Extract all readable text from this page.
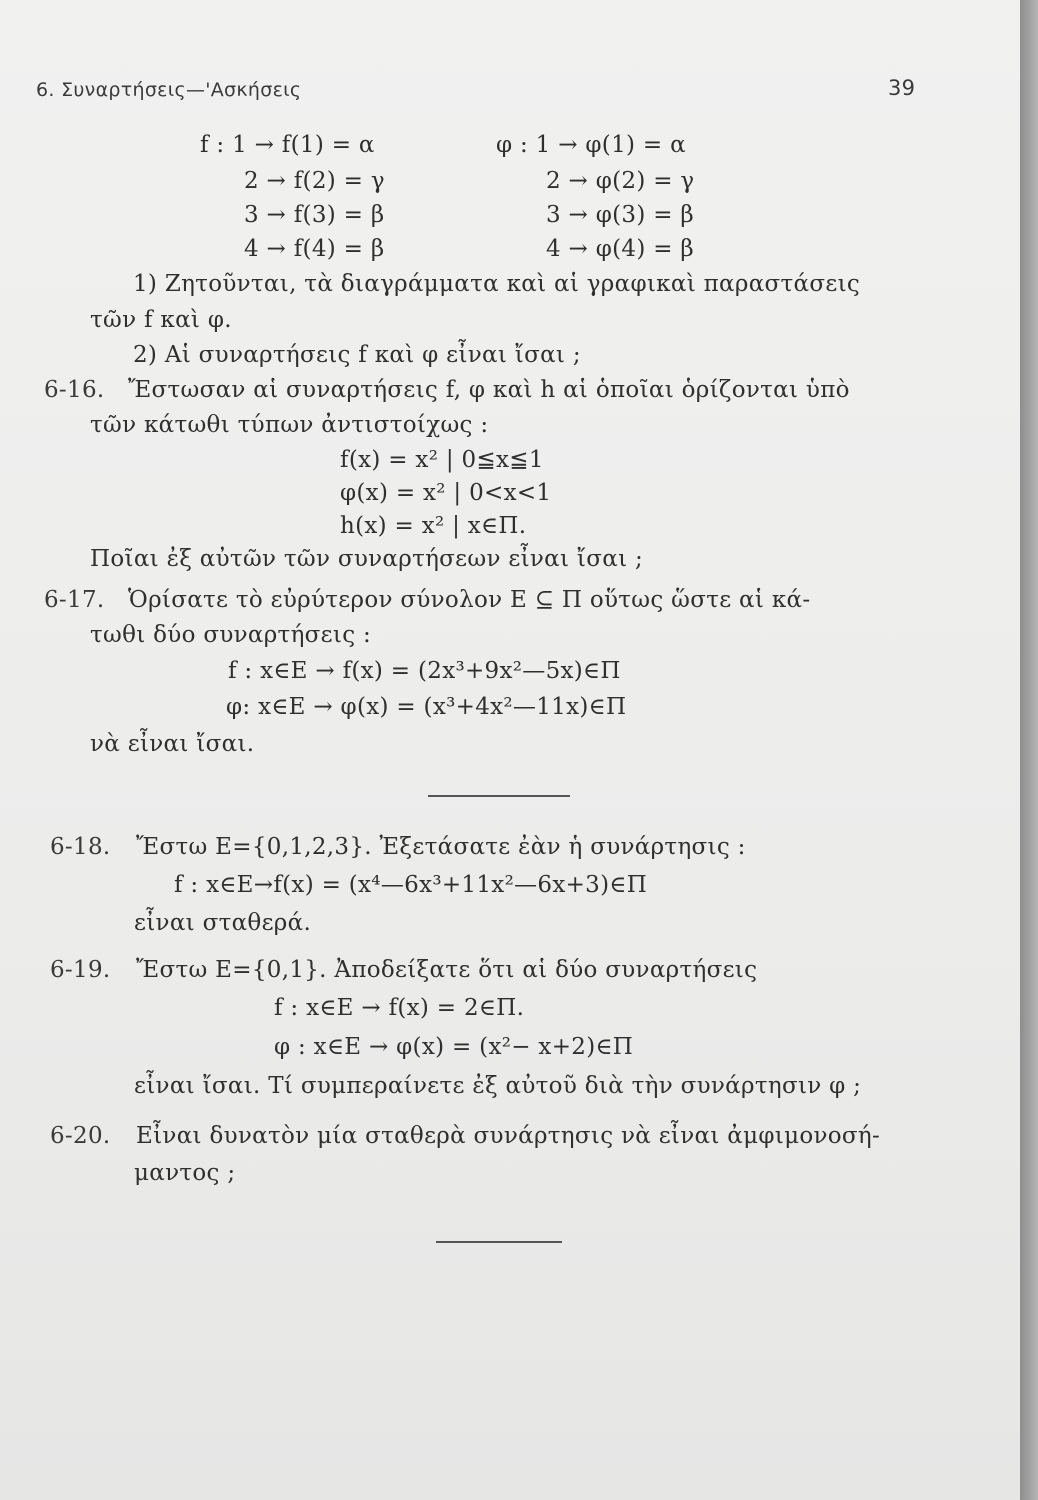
6. Συναρτήσεις—'Ασκήσεις	39
f : 1 → f(1) = α
2 → f(2) = γ
3 → f(3) = β
4 → f(4) = β
φ : 1 → φ(1) = α
2 → φ(2) = γ
3 → φ(3) = β
4 → φ(4) = β
1) Ζητοῦνται, τὰ διαγράμματα καὶ αἱ γραφικαὶ παραστάσεις
τῶν f καὶ φ.
2) Αἱ συναρτήσεις f καὶ φ εἶναι ἴσαι ;
6-16. Ἔστωσαν αἱ συναρτήσεις f, φ καὶ h αἱ ὁποῖαι ὁρίζονται ὑπὸ
τῶν κάτωθι τύπων ἀντιστοίχως :
f(x) = x² | 0≦x≦1
φ(x) = x² | 0<x<1
h(x) = x² | x∈Π.
Ποῖαι ἐξ αὐτῶν τῶν συναρτήσεων εἶναι ἴσαι ;
6-17. Ὁρίσατε τὸ εὐρύτερον σύνολον Ε ⊆ Π οὕτως ὥστε αἱ κά-
τωθι δύο συναρτήσεις :
f : x∈E → f(x) = (2x³+9x²—5x)∈Π
φ: x∈E → φ(x) = (x³+4x²—11x)∈Π
νὰ εἶναι ἴσαι.
6-18. Ἔστω Ε={0,1,2,3}. Ἐξετάσατε ἐὰν ἡ συνάρτησις :
f : x∈E→f(x) = (x⁴—6x³+11x²—6x+3)∈Π
εἶναι σταθερά.
6-19. Ἔστω Ε={0,1}. Ἀποδείξατε ὅτι αἱ δύο συναρτήσεις
f : x∈E → f(x) = 2∈Π.
φ : x∈E → φ(x) = (x²− x+2)∈Π
εἶναι ἴσαι. Τί συμπεραίνετε ἐξ αὐτοῦ διὰ τὴν συνάρτησιν φ ;
6-20. Εἶναι δυνατὸν μία σταθερὰ συνάρτησις νὰ εἶναι ἀμφιμονοσή-
μαντος ;
